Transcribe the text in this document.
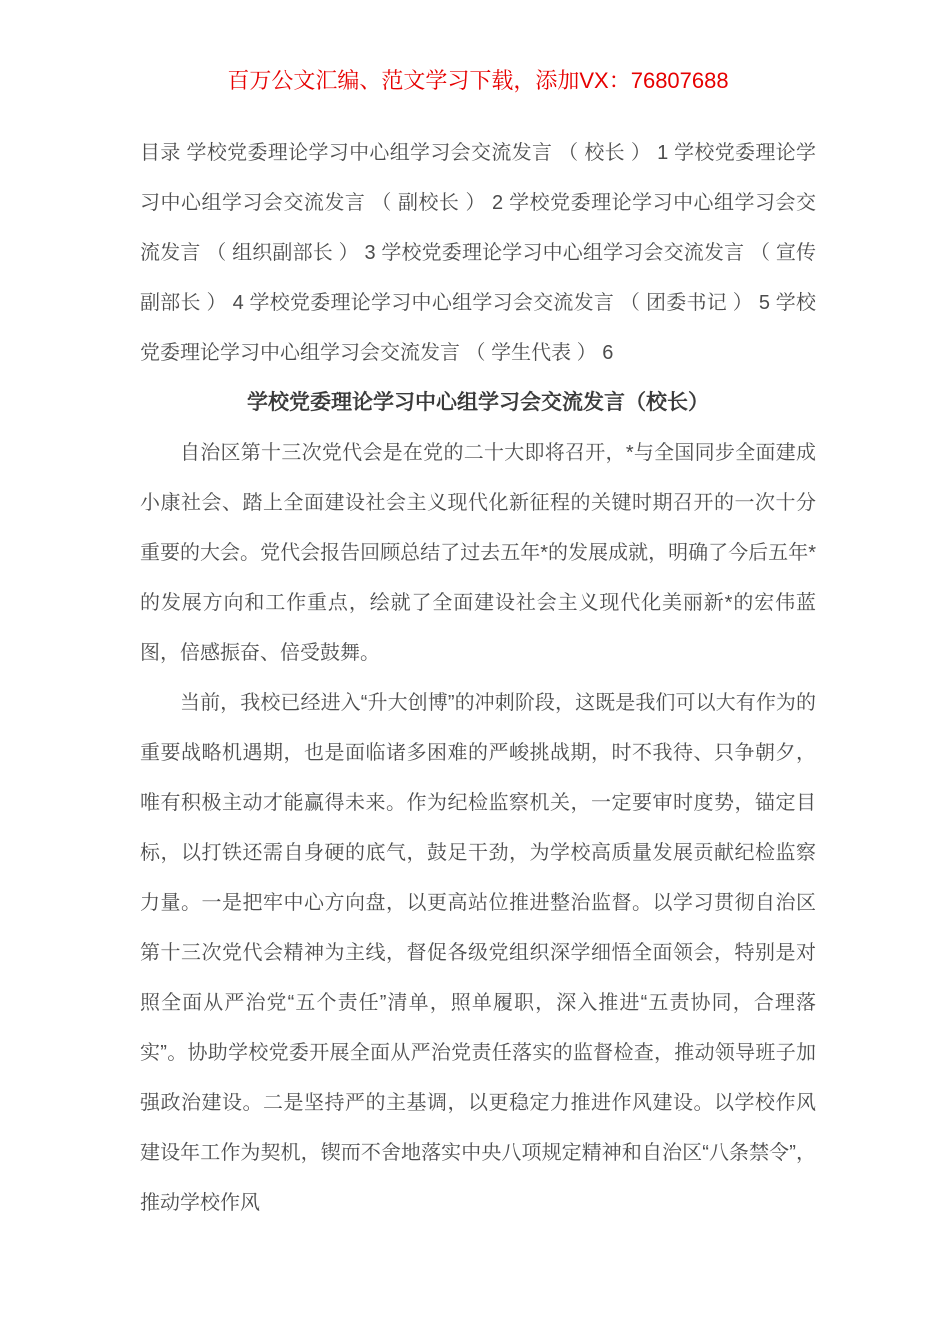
百万公文汇编、范文学习下载，添加VX：76807688

目录 学校党委理论学习中心组学习会交流发言 （ 校长 ） 1 学校党委理论学习中心组学习会交流发言 （ 副校长 ） 2 学校党委理论学习中心组学习会交流发言 （ 组织副部长 ） 3 学校党委理论学习中心组学习会交流发言 （ 宣传副部长 ） 4 学校党委理论学习中心组学习会交流发言 （ 团委书记 ） 5 学校党委理论学习中心组学习会交流发言 （ 学生代表 ） 6

学校党委理论学习中心组学习会交流发言（校长）

自治区第十三次党代会是在党的二十大即将召开，*与全国同步全面建成小康社会、踏上全面建设社会主义现代化新征程的关键时期召开的一次十分重要的大会。党代会报告回顾总结了过去五年*的发展成就，明确了今后五年*的发展方向和工作重点，绘就了全面建设社会主义现代化美丽新*的宏伟蓝图，倍感振奋、倍受鼓舞。

当前，我校已经进入“升大创博”的冲刺阶段，这既是我们可以大有作为的重要战略机遇期，也是面临诸多困难的严峻挑战期，时不我待、只争朝夕，唯有积极主动才能赢得未来。作为纪检监察机关，一定要审时度势，锚定目标，以打铁还需自身硬的底气，鼓足干劲，为学校高质量发展贡献纪检监察力量。一是把牢中心方向盘，以更高站位推进整治监督。以学习贯彻自治区第十三次党代会精神为主线，督促各级党组织深学细悟全面领会，特别是对照全面从严治党“五个责任”清单，照单履职，深入推进“五责协同，合理落实”。协助学校党委开展全面从严治党责任落实的监督检查，推动领导班子加强政治建设。二是坚持严的主基调，以更稳定力推进作风建设。以学校作风建设年工作为契机，锲而不舍地落实中央八项规定精神和自治区“八条禁令”，推动学校作风
